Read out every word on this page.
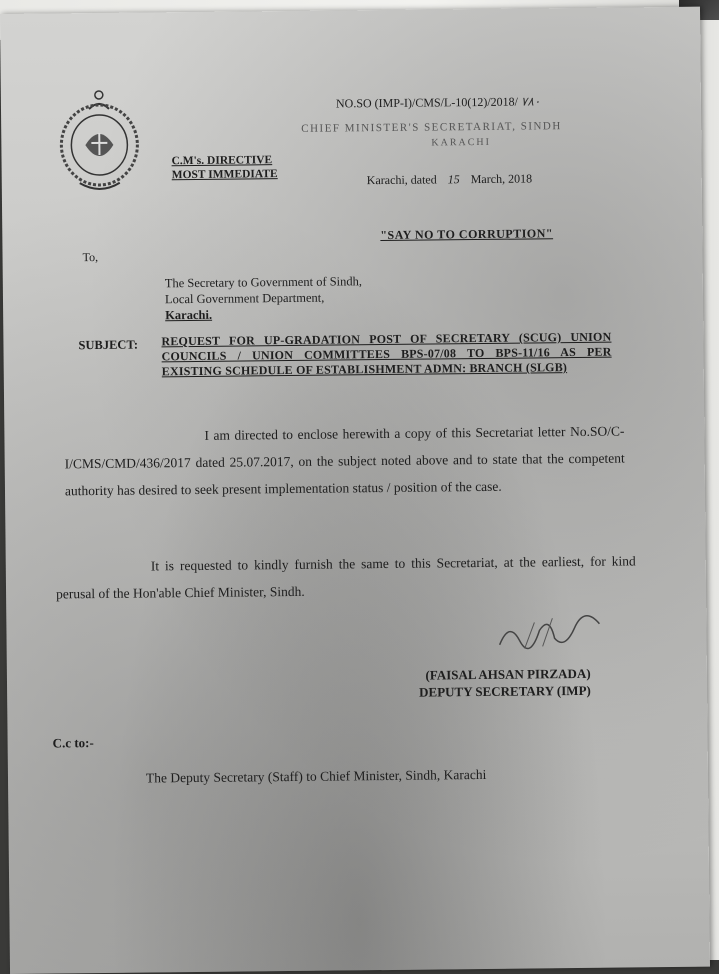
NO.SO (IMP-I)/CMS/L-10(12)/2018/ ۷۸۰
CHIEF MINISTER'S SECRETARIAT, SINDH
KARACHI
C.M's. DIRECTIVE
MOST IMMEDIATE	Karachi, dated 15 March, 2018
"SAY NO TO CORRUPTION"
To,
The Secretary to Government of Sindh,
Local Government Department,
Karachi.
SUBJECT: REQUEST FOR UP-GRADATION POST OF SECRETARY (SCUG) UNION COUNCILS / UNION COMMITTEES BPS-07/08 TO BPS-11/16 AS PER EXISTING SCHEDULE OF ESTABLISHMENT ADMN: BRANCH (SLGB)
I am directed to enclose herewith a copy of this Secretariat letter No.SO/C-I/CMS/CMD/436/2017 dated 25.07.2017, on the subject noted above and to state that the competent authority has desired to seek present implementation status / position of the case.
It is requested to kindly furnish the same to this Secretariat, at the earliest, for kind perusal of the Hon'able Chief Minister, Sindh.
(FAISAL AHSAN PIRZADA)
DEPUTY SECRETARY (IMP)
C.c to:-
The Deputy Secretary (Staff) to Chief Minister, Sindh, Karachi
